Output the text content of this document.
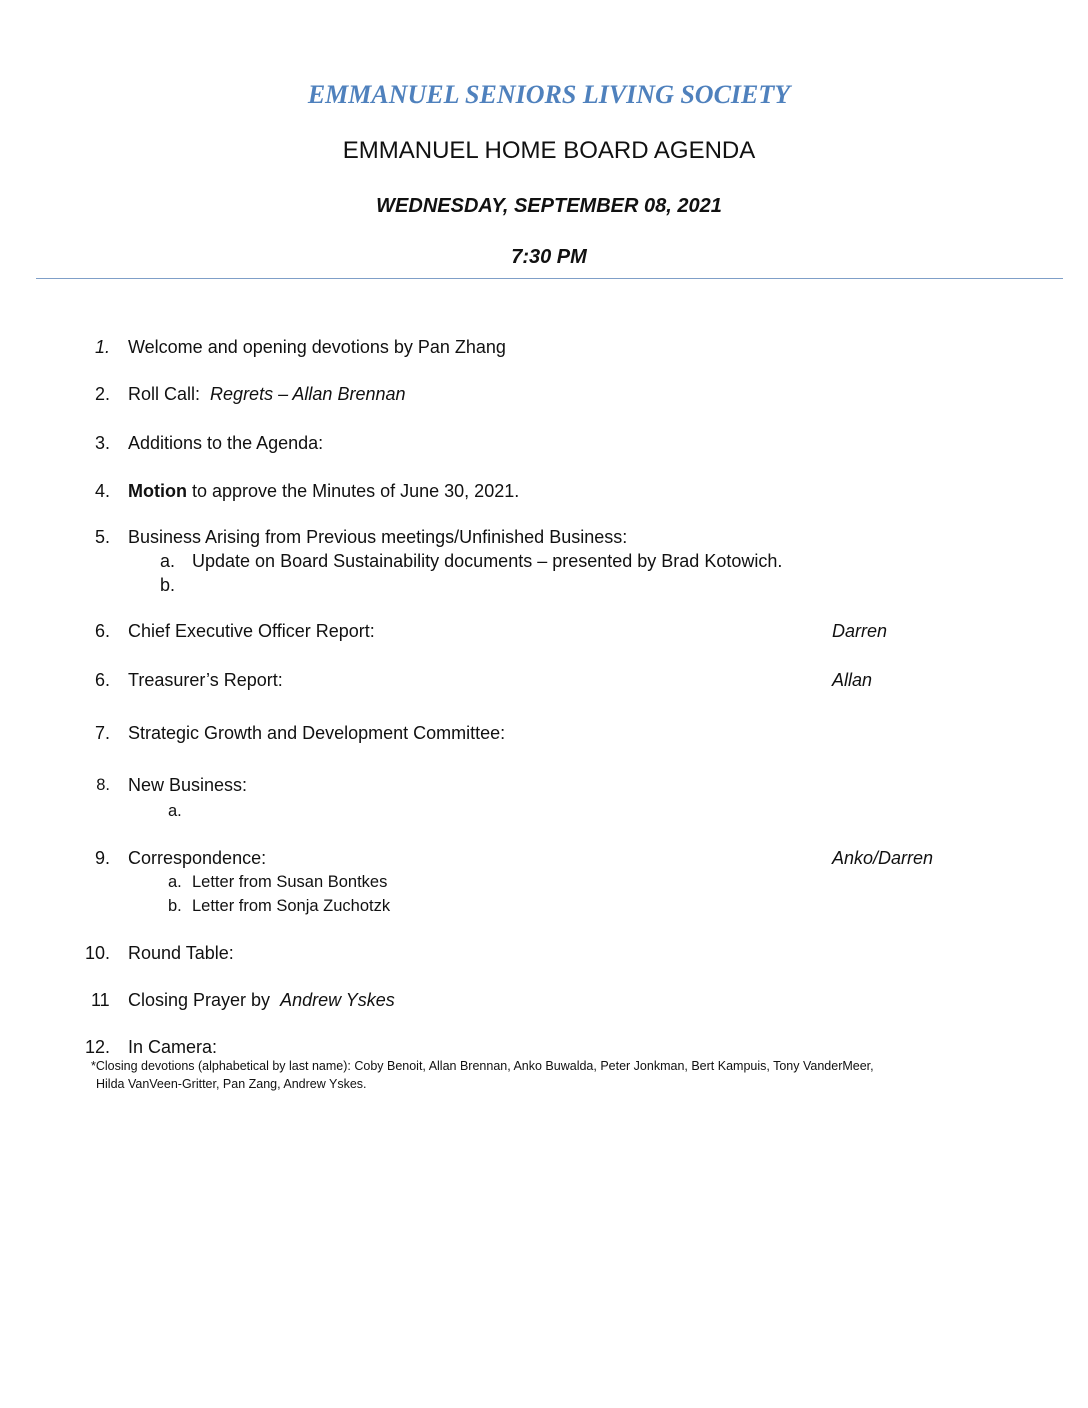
EMMANUEL SENIORS LIVING SOCIETY
EMMANUEL HOME BOARD AGENDA
WEDNESDAY, SEPTEMBER 08, 2021
7:30 PM
1. Welcome and opening devotions by Pan Zhang
2. Roll Call: Regrets – Allan Brennan
3. Additions to the Agenda:
4. Motion to approve the Minutes of June 30, 2021.
5. Business Arising from Previous meetings/Unfinished Business:
a. Update on Board Sustainability documents – presented by Brad Kotowich.
b.
6. Chief Executive Officer Report:	Darren
6. Treasurer’s Report:	Allan
7. Strategic Growth and Development Committee:
8. New Business:
a.
9. Correspondence:	Anko/Darren
a. Letter from Susan Bontkes
b. Letter from Sonja Zuchotzk
10. Round Table:
11	Closing Prayer by Andrew Yskes
12. In Camera:
*Closing devotions (alphabetical by last name): Coby Benoit, Allan Brennan, Anko Buwalda, Peter Jonkman, Bert Kampuis, Tony VanderMeer,
Hilda VanVeen-Gritter, Pan Zang, Andrew Yskes.
